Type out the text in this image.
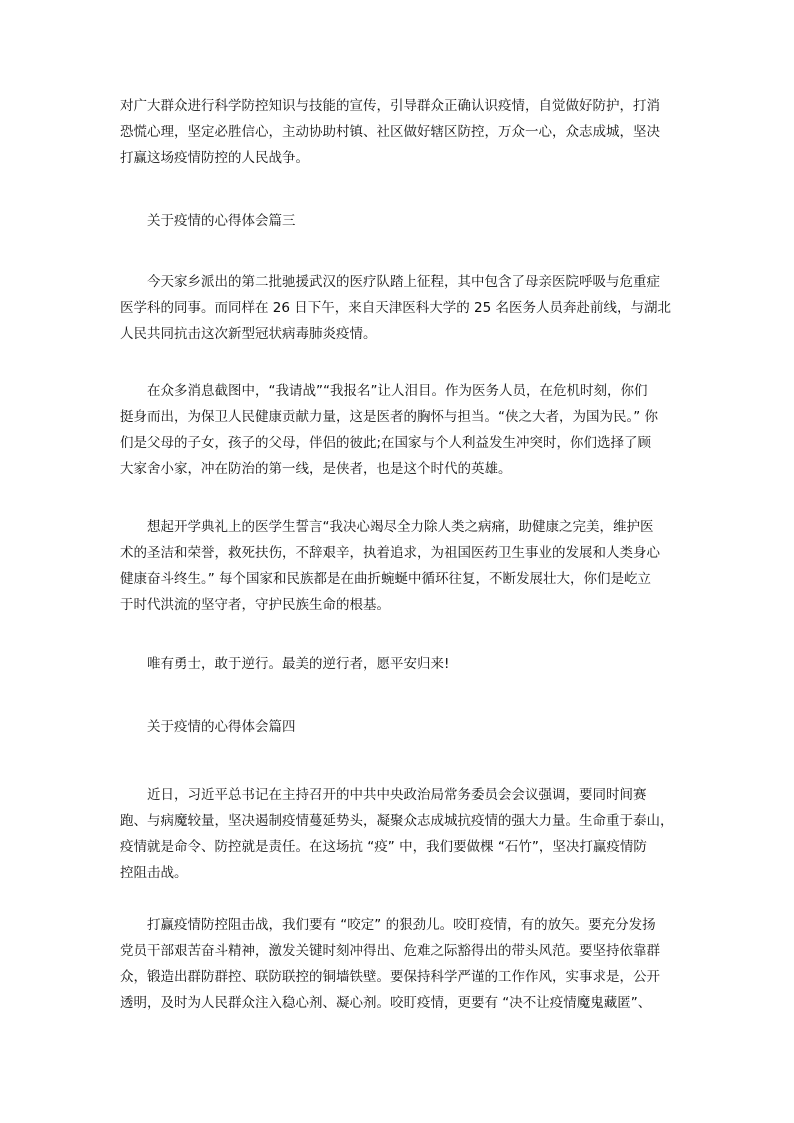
对广大群众进行科学防控知识与技能的宣传，引导群众正确认识疫情，自觉做好防护，打消
恐慌心理，坚定必胜信心，主动协助村镇、社区做好辖区防控，万众一心，众志成城，坚决
打赢这场疫情防控的人民战争。
　　关于疫情的心得体会篇三
　　今天家乡派出的第二批驰援武汉的医疗队踏上征程，其中包含了母亲医院呼吸与危重症
医学科的同事。而同样在 26 日下午，来自天津医科大学的 25 名医务人员奔赴前线，与湖北
人民共同抗击这次新型冠状病毒肺炎疫情。
　　在众多消息截图中，“我请战”“我报名”让人泪目。作为医务人员，在危机时刻，你们
挺身而出，为保卫人民健康贡献力量，这是医者的胸怀与担当。“侠之大者，为国为民。” 你
们是父母的子女，孩子的父母，伴侣的彼此;在国家与个人利益发生冲突时，你们选择了顾
大家舍小家，冲在防治的第一线，是侠者，也是这个时代的英雄。
　　想起开学典礼上的医学生誓言“我决心竭尽全力除人类之病痛，助健康之完美，维护医
术的圣洁和荣誉，救死扶伤，不辞艰辛，执着追求，为祖国医药卫生事业的发展和人类身心
健康奋斗终生。” 每个国家和民族都是在曲折蜿蜒中循环往复，不断发展壮大，你们是屹立
于时代洪流的坚守者，守护民族生命的根基。
　　唯有勇士，敢于逆行。最美的逆行者，愿平安归来!
　　关于疫情的心得体会篇四
　　近日，习近平总书记在主持召开的中共中央政治局常务委员会会议强调，要同时间赛
跑、与病魔较量，坚决遏制疫情蔓延势头，凝聚众志成城抗疫情的强大力量。生命重于泰山，
疫情就是命令、防控就是责任。在这场抗 “疫” 中，我们要做棵 “石竹”，坚决打赢疫情防
控阻击战。
　　打赢疫情防控阻击战，我们要有 “咬定” 的狠劲儿。咬盯疫情，有的放矢。要充分发扬
党员干部艰苦奋斗精神，激发关键时刻冲得出、危难之际豁得出的带头风范。要坚持依靠群
众，锻造出群防群控、联防联控的铜墙铁壁。要保持科学严谨的工作作风，实事求是，公开
透明，及时为人民群众注入稳心剂、凝心剂。咬盯疫情，更要有 “决不让疫情魔鬼藏匿”、
